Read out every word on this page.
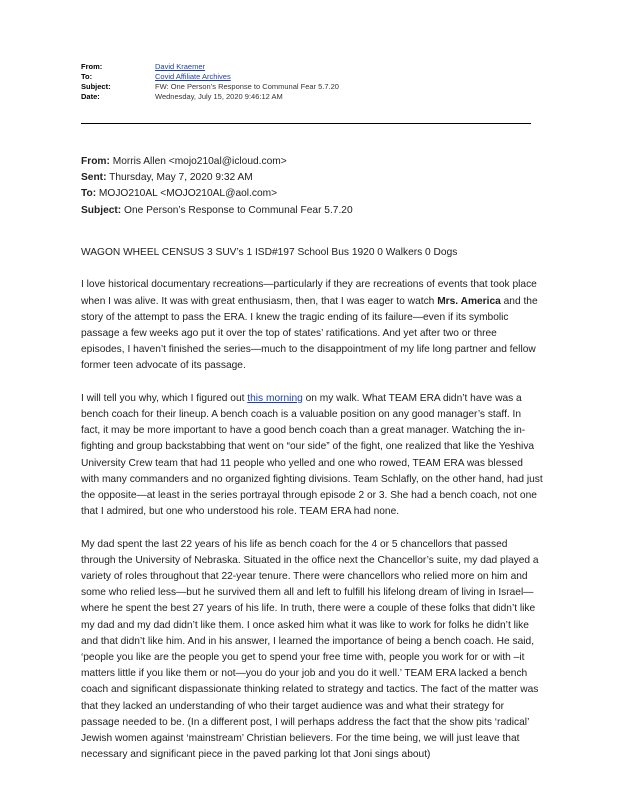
From:	David Kraemer
To:	Covid Affiliate Archives
Subject:	FW: One Person’s Response to Communal Fear 5.7.20
Date:	Wednesday, July 15, 2020 9:46:12 AM
From: Morris Allen <mojo210al@icloud.com>
Sent: Thursday, May 7, 2020 9:32 AM
To: MOJO210AL <MOJO210AL@aol.com>
Subject: One Person’s Response to Communal Fear 5.7.20

WAGON WHEEL CENSUS 3 SUV’s 1 ISD#197 School Bus 1920 0 Walkers 0 Dogs

I love historical documentary recreations—particularly if they are recreations of events that took place when I was alive. It was with great enthusiasm, then, that I was eager to watch Mrs. America and the story of the attempt to pass the ERA. I knew the tragic ending of its failure—even if its symbolic passage a few weeks ago put it over the top of states’ ratifications. And yet after two or three episodes, I haven’t finished the series—much to the disappointment of my life long partner and fellow former teen advocate of its passage.

I will tell you why, which I figured out this morning on my walk. What TEAM ERA didn’t have was a bench coach for their lineup. A bench coach is a valuable position on any good manager’s staff. In fact, it may be more important to have a good bench coach than a great manager. Watching the in-fighting and group backstabbing that went on “our side” of the fight, one realized that like the Yeshiva University Crew team that had 11 people who yelled and one who rowed, TEAM ERA was blessed with many commanders and no organized fighting divisions. Team Schlafly, on the other hand, had just the opposite—at least in the series portrayal through episode 2 or 3. She had a bench coach, not one that I admired, but one who understood his role. TEAM ERA had none.

My dad spent the last 22 years of his life as bench coach for the 4 or 5 chancellors that passed through the University of Nebraska. Situated in the office next the Chancellor’s suite, my dad played a variety of roles throughout that 22-year tenure. There were chancellors who relied more on him and some who relied less—but he survived them all and left to fulfill his lifelong dream of living in Israel—where he spent the best 27 years of his life. In truth, there were a couple of these folks that didn’t like my dad and my dad didn’t like them. I once asked him what it was like to work for folks he didn’t like and that didn’t like him. And in his answer, I learned the importance of being a bench coach. He said, ‘people you like are the people you get to spend your free time with, people you work for or with –it matters little if you like them or not—you do your job and you do it well.’ TEAM ERA lacked a bench coach and significant dispassionate thinking related to strategy and tactics. The fact of the matter was that they lacked an understanding of who their target audience was and what their strategy for passage needed to be. (In a different post, I will perhaps address the fact that the show pits ‘radical’ Jewish women against ‘mainstream’ Christian believers. For the time being, we will just leave that necessary and significant piece in the paved parking lot that Joni sings about)
